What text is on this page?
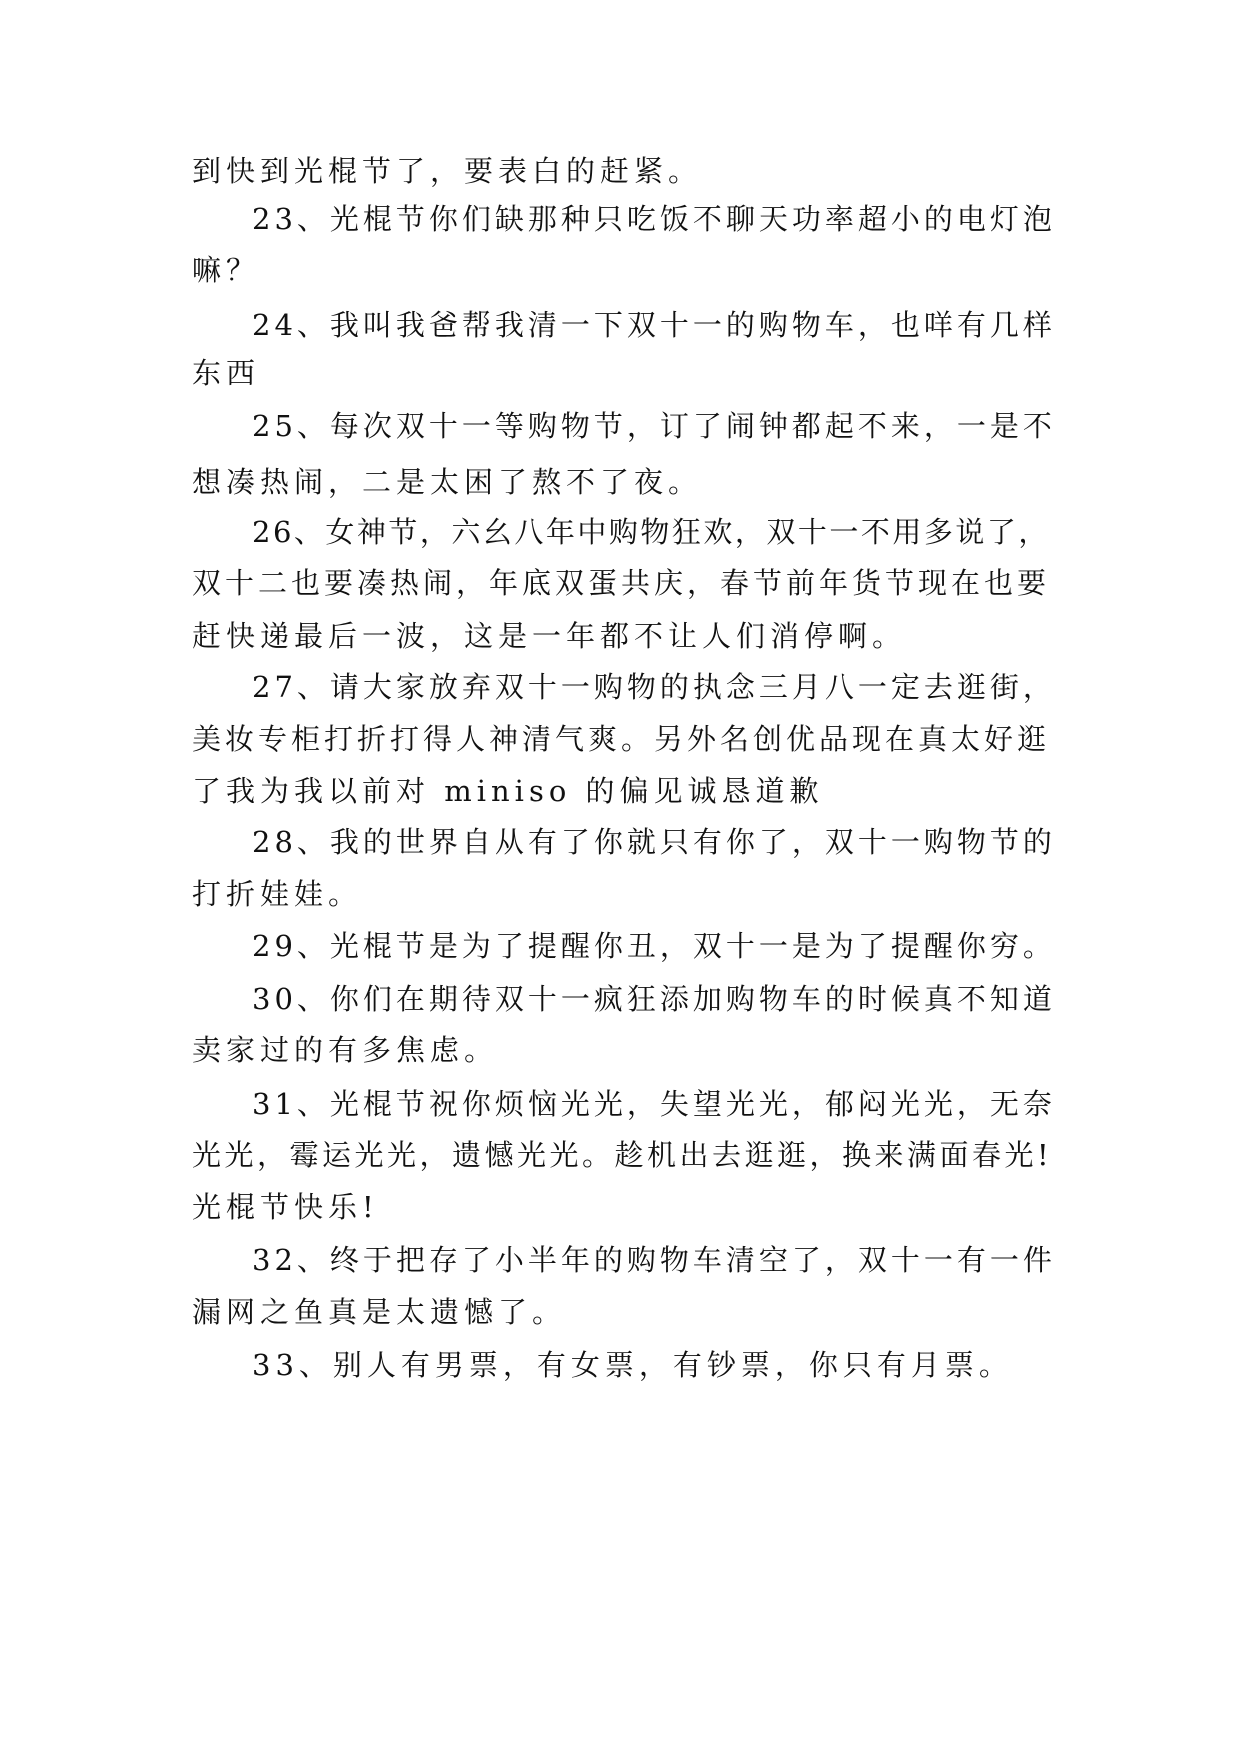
到快到光棍节了，要表白的赶紧。
23、光棍节你们缺那种只吃饭不聊天功率超小的电灯泡
嘛？
24、我叫我爸帮我清一下双十一的购物车，也咩有几样
东西
25、每次双十一等购物节，订了闹钟都起不来，一是不
想凑热闹，二是太困了熬不了夜。
26、女神节，六幺八年中购物狂欢，双十一不用多说了，
双十二也要凑热闹，年底双蛋共庆，春节前年货节现在也要
赶快递最后一波，这是一年都不让人们消停啊。
27、请大家放弃双十一购物的执念三月八一定去逛街，
美妆专柜打折打得人神清气爽。另外名创优品现在真太好逛
了我为我以前对 miniso 的偏见诚恳道歉
28、我的世界自从有了你就只有你了，双十一购物节的
打折娃娃。
29、光棍节是为了提醒你丑，双十一是为了提醒你穷。
30、你们在期待双十一疯狂添加购物车的时候真不知道
卖家过的有多焦虑。
31、光棍节祝你烦恼光光，失望光光，郁闷光光，无奈
光光，霉运光光，遗憾光光。趁机出去逛逛，换来满面春光!
光棍节快乐!
32、终于把存了小半年的购物车清空了，双十一有一件
漏网之鱼真是太遗憾了。
33、别人有男票，有女票，有钞票，你只有月票。
